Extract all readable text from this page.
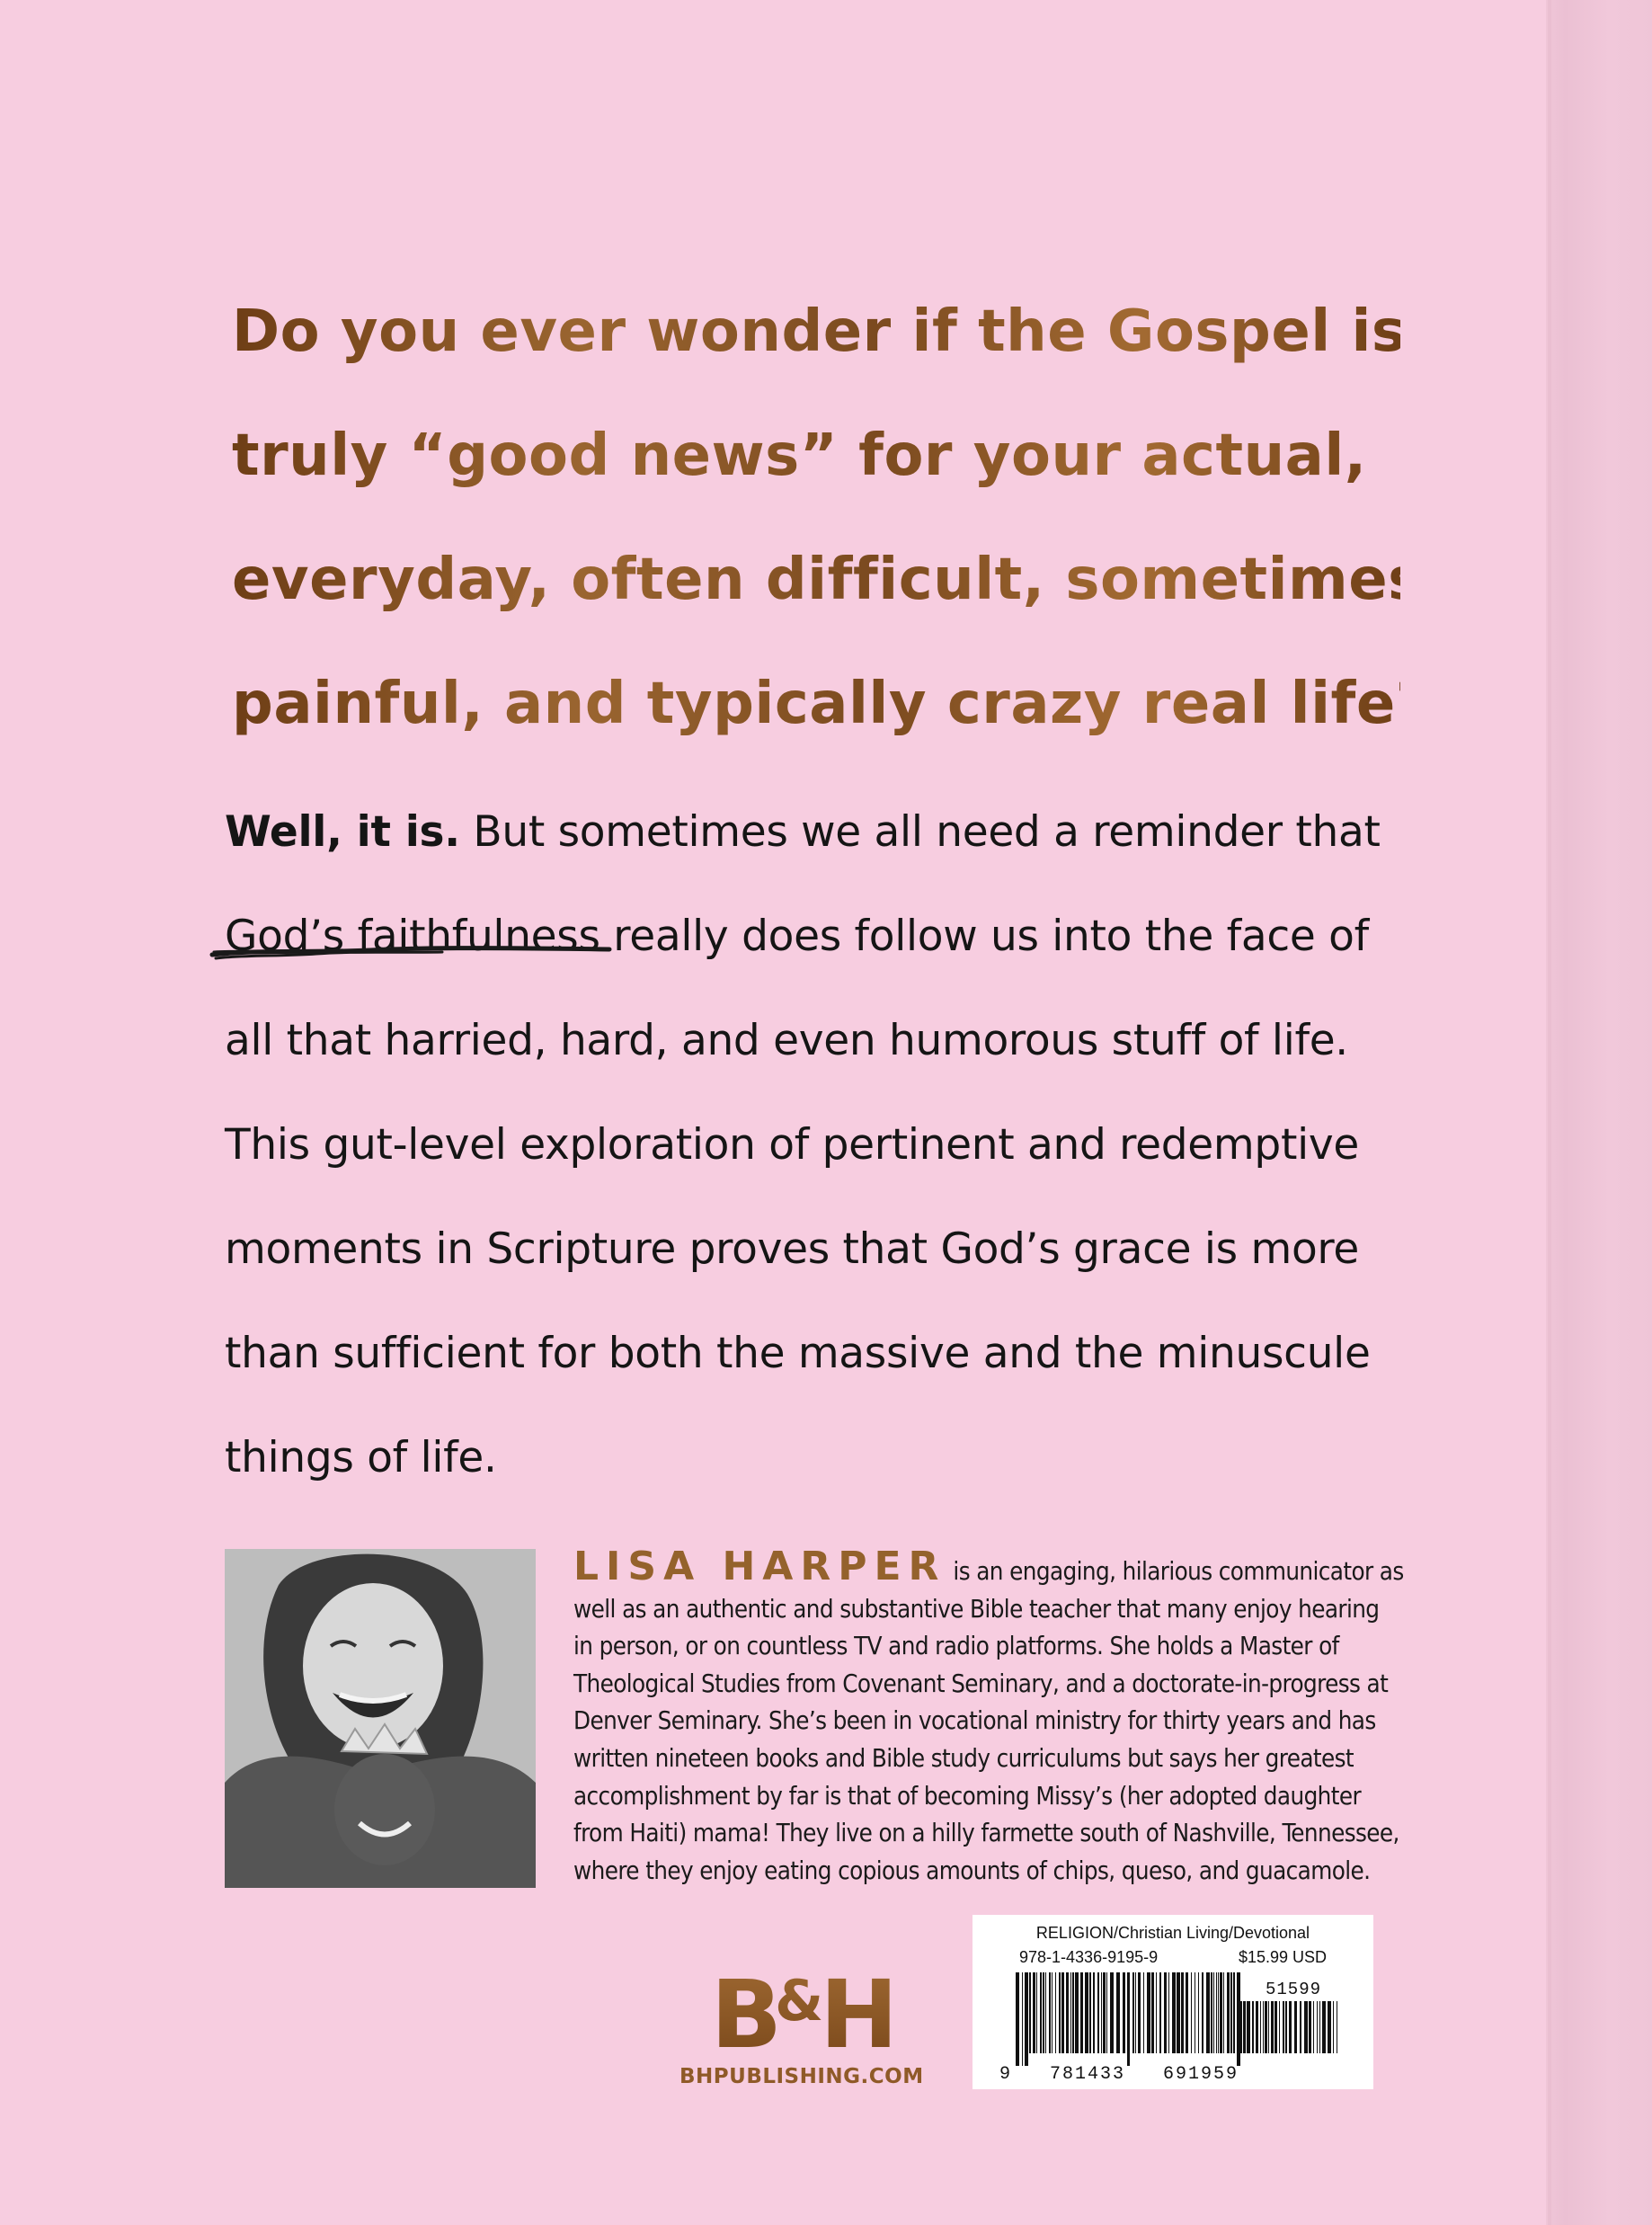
Do you ever wonder if the Gospel is
truly “good news” for your actual,
everyday, often difficult, sometimes
painful, and typically crazy real life?
Well, it is. But sometimes we all need a reminder that
God’s faithfulness
really does follow us into the face of
all that harried, hard, and even humorous stuff of life.
This gut-level exploration of pertinent and redemptive
moments in Scripture proves that God’s grace is more
than sufficient for both the massive and the minuscule
things of life.
LISA HARPER is an engaging, hilarious communicator as
well as an authentic and substantive Bible teacher that many enjoy hearing
in person, or on countless TV and radio platforms. She holds a Master of
Theological Studies from Covenant Seminary, and a doctorate-in-progress at
Denver Seminary. She’s been in vocational ministry for thirty years and has
written nineteen books and Bible study curriculums but says her greatest
accomplishment by far is that of becoming Missy’s (her adopted daughter
from Haiti) mama! They live on a hilly farmette south of Nashville, Tennessee,
where they enjoy eating copious amounts of chips, queso, and guacamole.
B&H
BHPUBLISHING.COM
RELIGION/Christian Living/Devotional
978-1-4336-9195-9	$15.99 USD
51599
9   781433   691959
